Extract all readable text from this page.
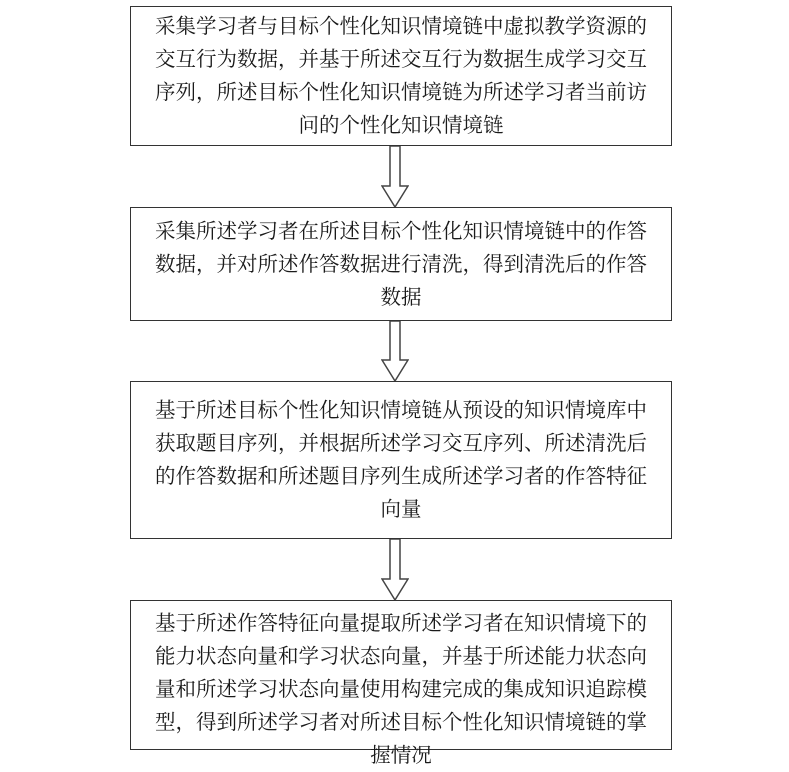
采集学习者与目标个性化知识情境链中虚拟教学资源的交互行为数据，并基于所述交互行为数据生成学习交互序列，所述目标个性化知识情境链为所述学习者当前访问的个性化知识情境链

采集所述学习者在所述目标个性化知识情境链中的作答数据，并对所述作答数据进行清洗，得到清洗后的作答数据

基于所述目标个性化知识情境链从预设的知识情境库中获取题目序列，并根据所述学习交互序列、所述清洗后的作答数据和所述题目序列生成所述学习者的作答特征向量

基于所述作答特征向量提取所述学习者在知识情境下的能力状态向量和学习状态向量，并基于所述能力状态向量和所述学习状态向量使用构建完成的集成知识追踪模型，得到所述学习者对所述目标个性化知识情境链的掌握情况
